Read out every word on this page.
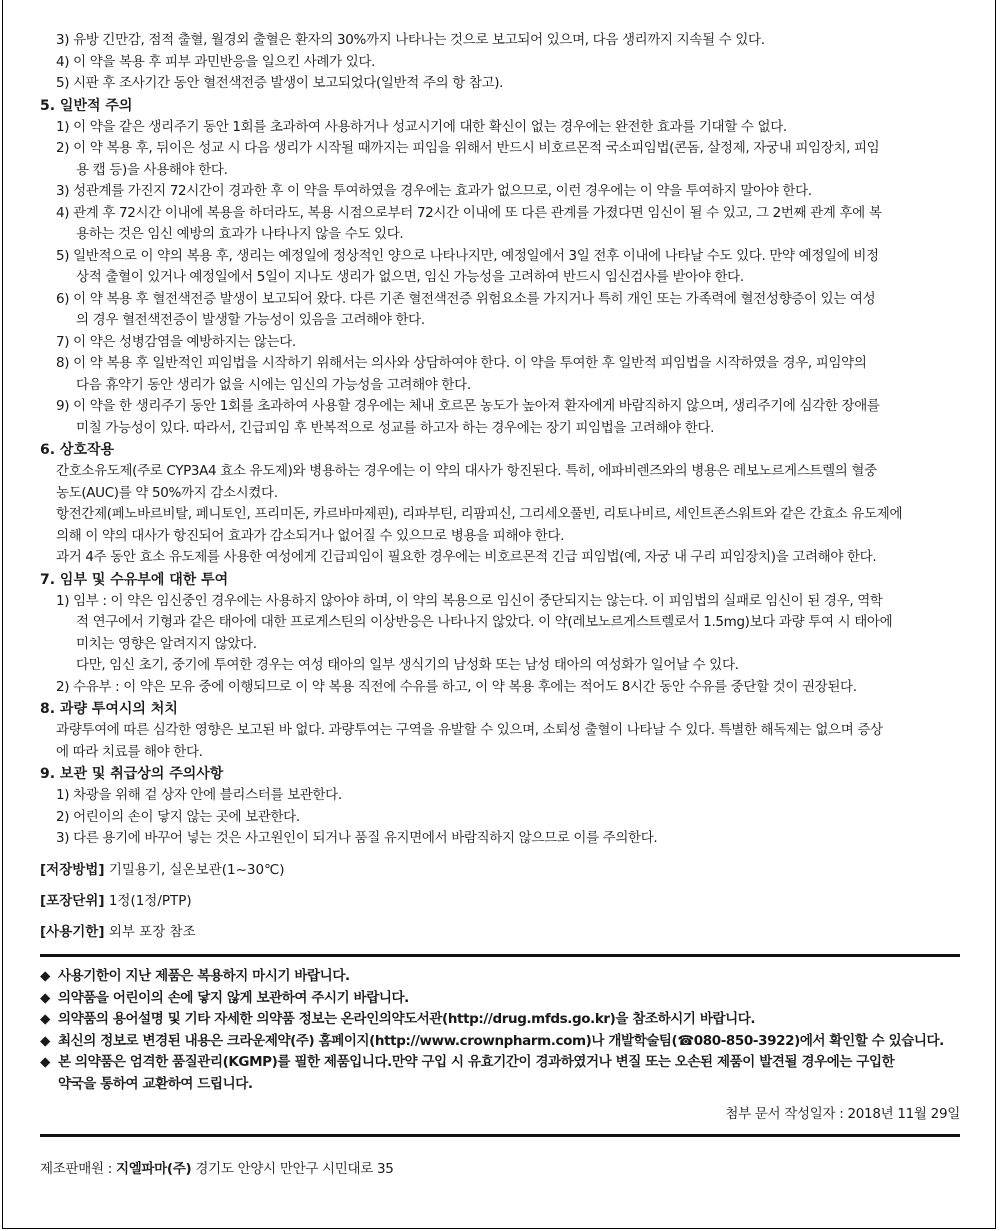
3) 유방 긴만감, 점적 출혈, 월경외 출혈은 환자의 30%까지 나타나는 것으로 보고되어 있으며, 다음 생리까지 지속될 수 있다.
4) 이 약을 복용 후 피부 과민반응을 일으킨 사례가 있다.
5) 시판 후 조사기간 동안 혈전색전증 발생이 보고되었다(일반적 주의 항 참고).
5. 일반적 주의
1) 이 약을 같은 생리주기 동안 1회를 초과하여 사용하거나 성교시기에 대한 확신이 없는 경우에는 완전한 효과를 기대할 수 없다.
2) 이 약 복용 후, 뒤이은 성교 시 다음 생리가 시작될 때까지는 피임을 위해서 반드시 비호르몬적 국소피임법(콘돔, 살정제, 자궁내 피임장치, 피임
용 캡 등)을 사용해야 한다.
3) 성관계를 가진지 72시간이 경과한 후 이 약을 투여하였을 경우에는 효과가 없으므로, 이런 경우에는 이 약을 투여하지 말아야 한다.
4) 관계 후 72시간 이내에 복용을 하더라도, 복용 시점으로부터 72시간 이내에 또 다른 관계를 가졌다면 임신이 될 수 있고, 그 2번째 관계 후에 복
용하는 것은 임신 예방의 효과가 나타나지 않을 수도 있다.
5) 일반적으로 이 약의 복용 후, 생리는 예정일에 정상적인 양으로 나타나지만, 예정일에서 3일 전후 이내에 나타날 수도 있다. 만약 예정일에 비정
상적 출혈이 있거나 예정일에서 5일이 지나도 생리가 없으면, 임신 가능성을 고려하여 반드시 임신검사를 받아야 한다.
6) 이 약 복용 후 혈전색전증 발생이 보고되어 왔다. 다른 기존 혈전색전증 위험요소를 가지거나 특히 개인 또는 가족력에 혈전성향증이 있는 여성
의 경우 혈전색전증이 발생할 가능성이 있음을 고려해야 한다.
7) 이 약은 성병감염을 예방하지는 않는다.
8) 이 약 복용 후 일반적인 피임법을 시작하기 위해서는 의사와 상담하여야 한다. 이 약을 투여한 후 일반적 피임법을 시작하였을 경우, 피임약의
다음 휴약기 동안 생리가 없을 시에는 임신의 가능성을 고려해야 한다.
9) 이 약을 한 생리주기 동안 1회를 초과하여 사용할 경우에는 체내 호르몬 농도가 높아져 환자에게 바람직하지 않으며, 생리주기에 심각한 장애를
미칠 가능성이 있다. 따라서, 긴급피임 후 반복적으로 성교를 하고자 하는 경우에는 장기 피임법을 고려해야 한다.
6. 상호작용
간호소유도제(주로 CYP3A4 효소 유도제)와 병용하는 경우에는 이 약의 대사가 항진된다. 특히, 에파비렌즈와의 병용은 레보노르게스트렐의 혈중
농도(AUC)를 약 50%까지 감소시켰다.
항전간제(페노바르비탈, 페니토인, 프리미돈, 카르바마제핀), 리파부틴, 리팜피신, 그리세오풀빈, 리토나비르, 세인트존스워트와 같은 간효소 유도제에
의해 이 약의 대사가 항진되어 효과가 감소되거나 없어질 수 있으므로 병용을 피해야 한다.
과거 4주 동안 효소 유도제를 사용한 여성에게 긴급피임이 필요한 경우에는 비호르몬적 긴급 피임법(예, 자궁 내 구리 피임장치)을 고려해야 한다.
7. 임부 및 수유부에 대한 투여
1) 임부 : 이 약은 임신중인 경우에는 사용하지 않아야 하며, 이 약의 복용으로 임신이 중단되지는 않는다. 이 피임법의 실패로 임신이 된 경우, 역학
적 연구에서 기형과 같은 태아에 대한 프로게스틴의 이상반응은 나타나지 않았다. 이 약(레보노르게스트렐로서 1.5mg)보다 과량 투여 시 태아에
미치는 영향은 알려지지 않았다.
다만, 임신 초기, 중기에 투여한 경우는 여성 태아의 일부 생식기의 남성화 또는 남성 태아의 여성화가 일어날 수 있다.
2) 수유부 : 이 약은 모유 중에 이행되므로 이 약 복용 직전에 수유를 하고, 이 약 복용 후에는 적어도 8시간 동안 수유를 중단할 것이 권장된다.
8. 과량 투여시의 처치
과량투여에 따른 심각한 영향은 보고된 바 없다. 과량투여는 구역을 유발할 수 있으며, 소퇴성 출혈이 나타날 수 있다. 특별한 해독제는 없으며 증상
에 따라 치료를 해야 한다.
9. 보관 및 취급상의 주의사항
1) 차광을 위해 겉 상자 안에 블리스터를 보관한다.
2) 어린이의 손이 닿지 않는 곳에 보관한다.
3) 다른 용기에 바꾸어 넣는 것은 사고원인이 되거나 품질 유지면에서 바람직하지 않으므로 이를 주의한다.
[저장방법] 기밀용기, 실온보관(1~30℃)
[포장단위] 1정(1정/PTP)
[사용기한] 외부 포장 참조
◆ 사용기한이 지난 제품은 복용하지 마시기 바랍니다.
◆ 의약품을 어린이의 손에 닿지 않게 보관하여 주시기 바랍니다.
◆ 의약품의 용어설명 및 기타 자세한 의약품 정보는 온라인의약도서관(http://drug.mfds.go.kr)을 참조하시기 바랍니다.
◆ 최신의 정보로 변경된 내용은 크라운제약(주) 홈페이지(http://www.crownpharm.com)나 개발학술팀(☎080-850-3922)에서 확인할 수 있습니다.
◆ 본 의약품은 엄격한 품질관리(KGMP)를 필한 제품입니다.만약 구입 시 유효기간이 경과하였거나 변질 또는 오손된 제품이 발견될 경우에는 구입한
약국을 통하여 교환하여 드립니다.
첨부 문서 작성일자 : 2018년 11월 29일
제조판매원 : 지엘파마(주) 경기도 안양시 만안구 시민대로 35
